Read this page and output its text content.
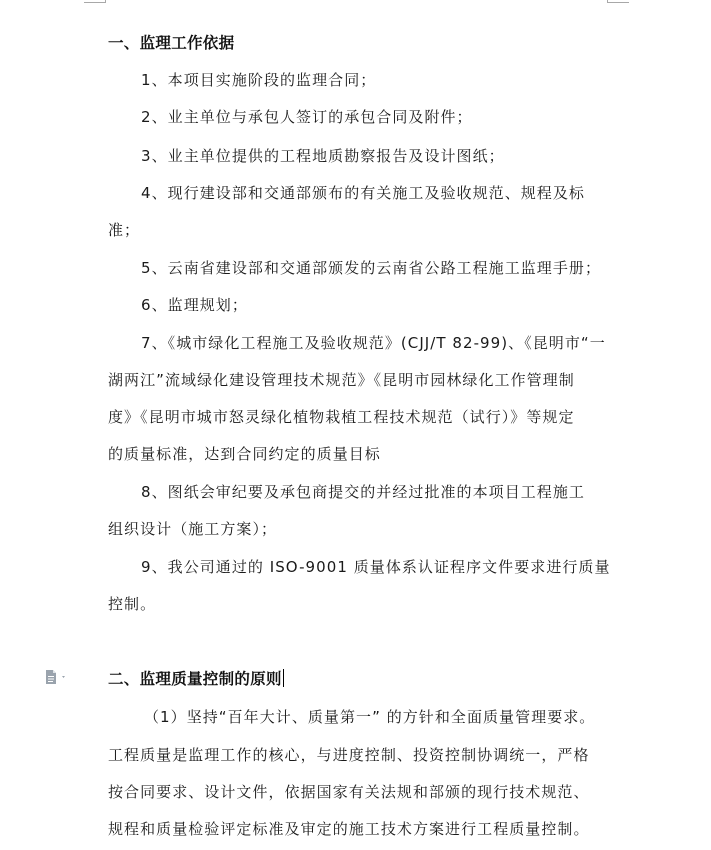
一、监理工作依据
1、本项目实施阶段的监理合同；
2、业主单位与承包人签订的承包合同及附件；
3、业主单位提供的工程地质勘察报告及设计图纸；
4、现行建设部和交通部颁布的有关施工及验收规范、规程及标
准；
5、云南省建设部和交通部颁发的云南省公路工程施工监理手册；
6、监理规划；
7、《城市绿化工程施工及验收规范》(CJJ/T 82-99)、《昆明市“一
湖两江”流域绿化建设管理技术规范》《昆明市园林绿化工作管理制
度》《昆明市城市怒灵绿化植物栽植工程技术规范（试行）》等规定
的质量标准，达到合同约定的质量目标
8、图纸会审纪要及承包商提交的并经过批准的本项目工程施工
组织设计（施工方案）；
9、我公司通过的 ISO-9001 质量体系认证程序文件要求进行质量
控制。
二、监理质量控制的原则
（1）坚持“百年大计、质量第一” 的方针和全面质量管理要求。
工程质量是监理工作的核心，与进度控制、投资控制协调统一，严格
按合同要求、设计文件，依据国家有关法规和部颁的现行技术规范、
规程和质量检验评定标准及审定的施工技术方案进行工程质量控制。
